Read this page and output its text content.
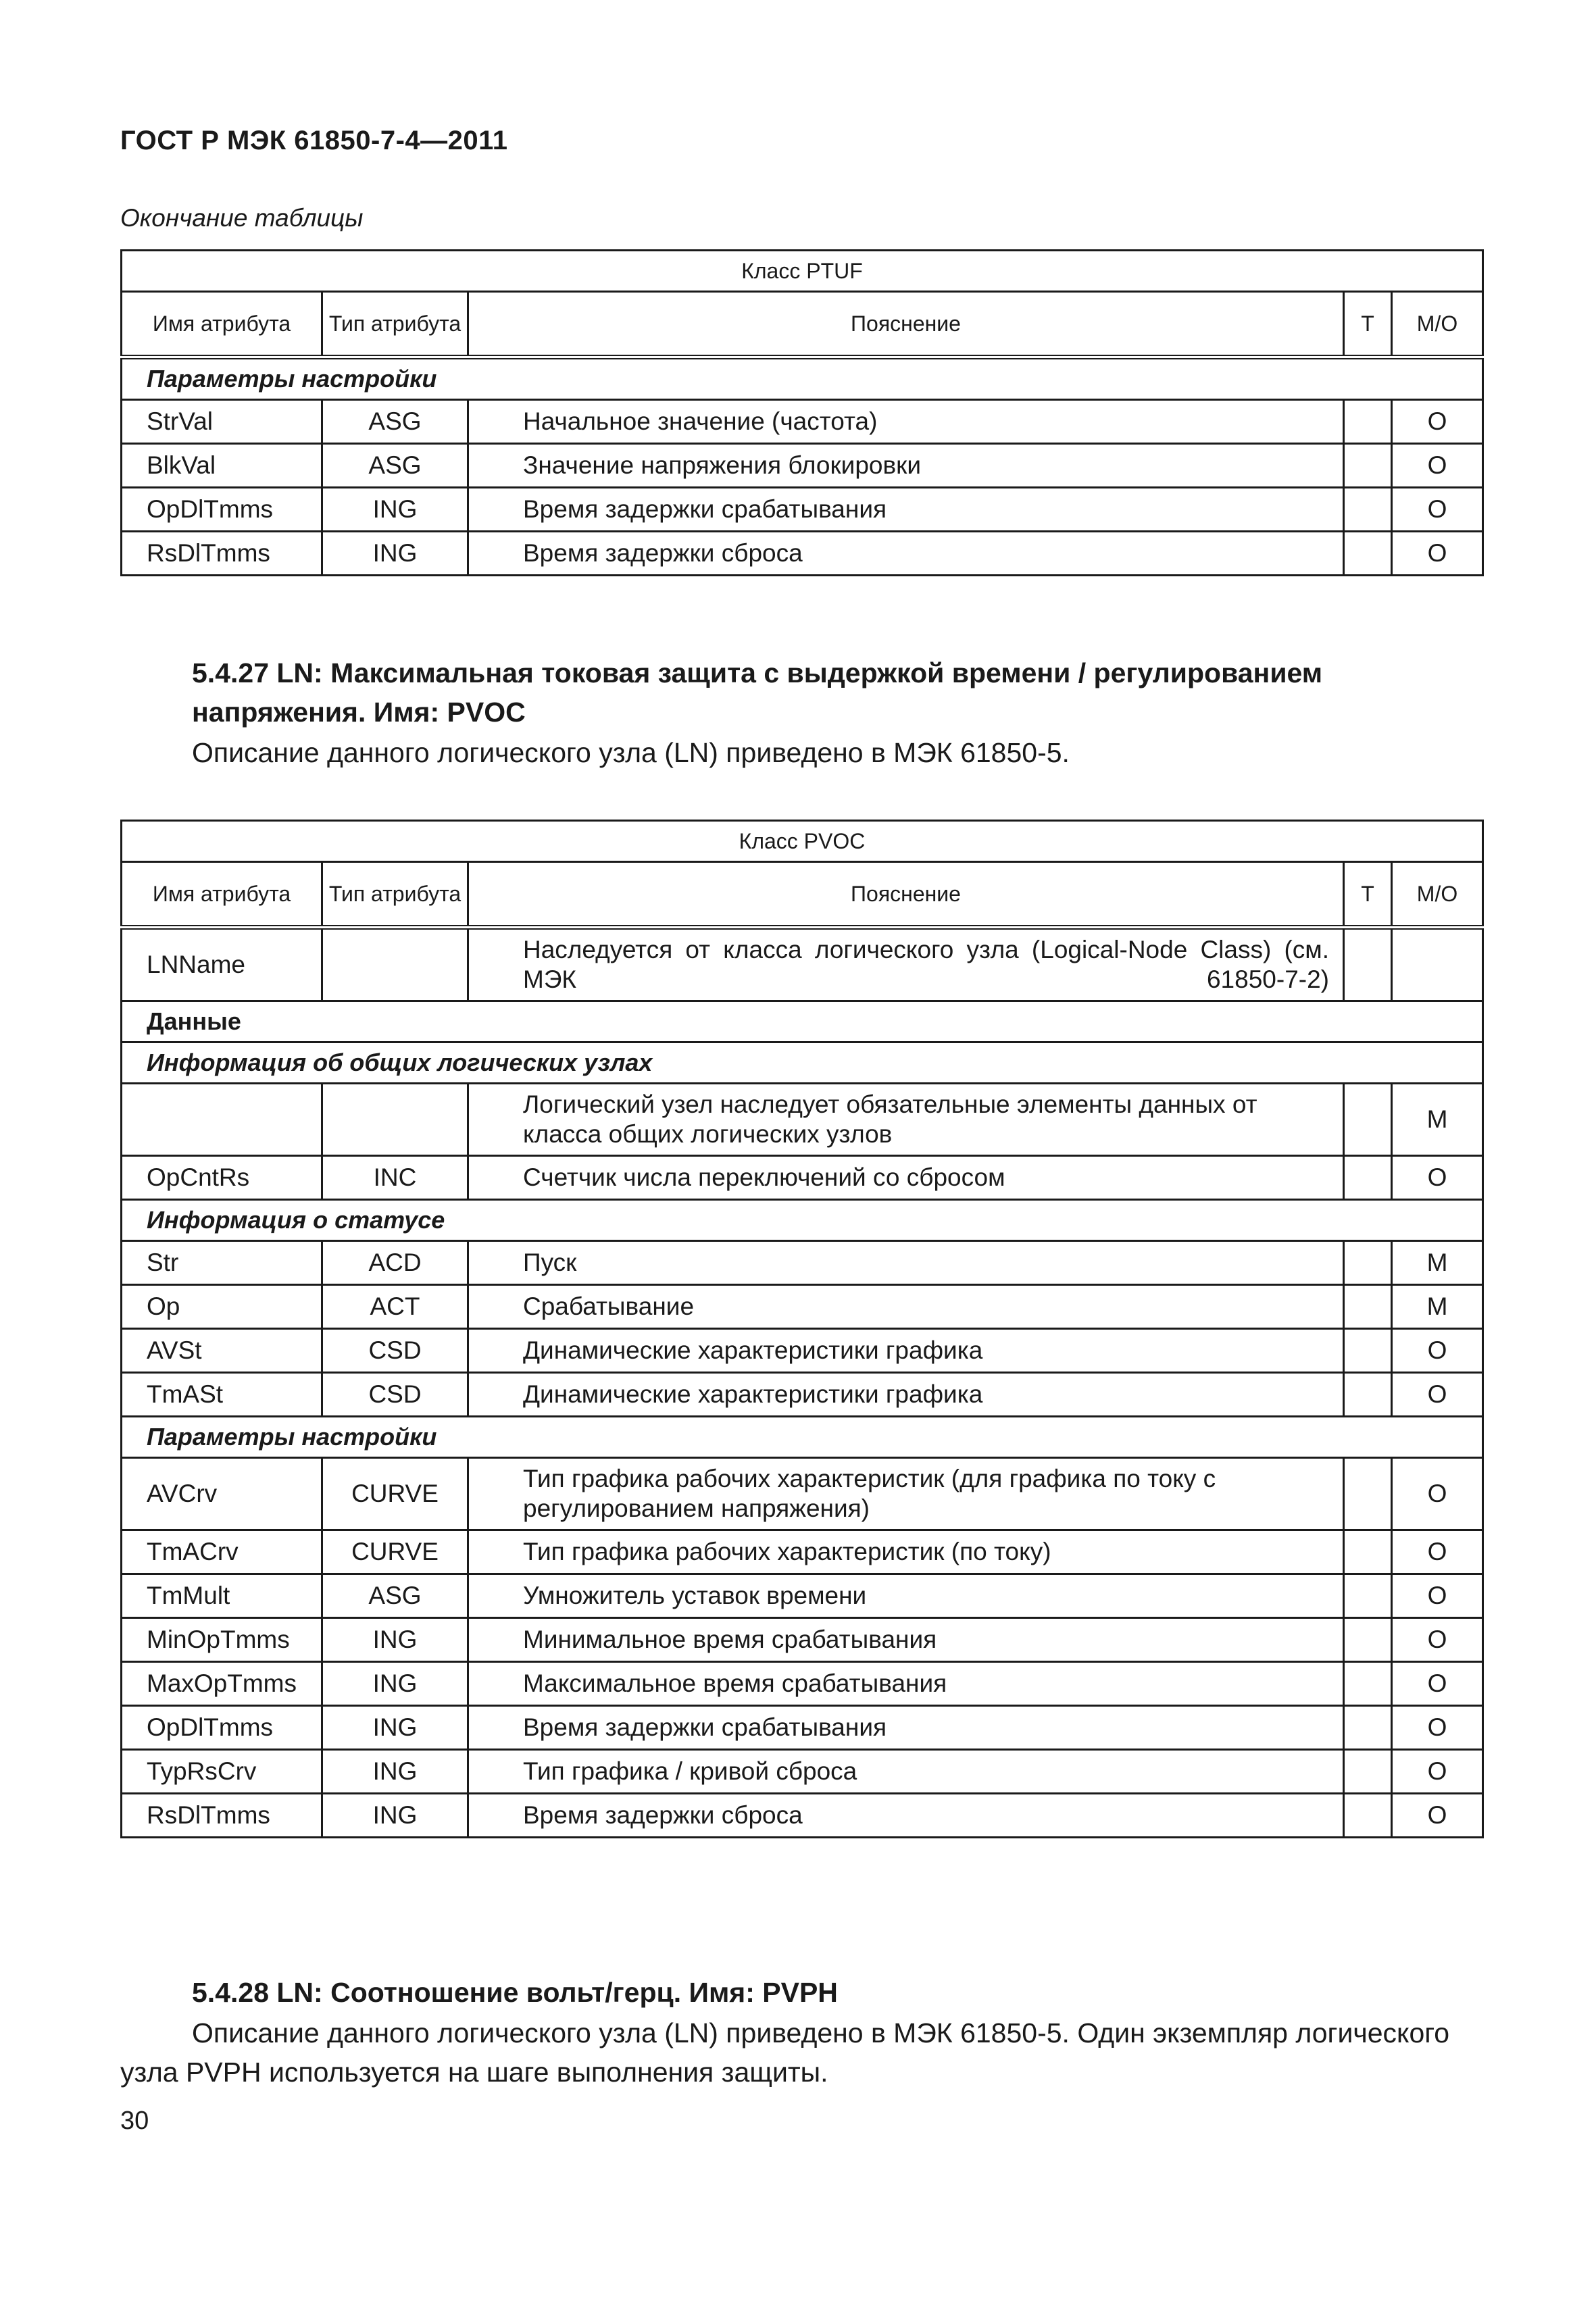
ГОСТ Р МЭК 61850-7-4—2011
Окончание таблицы
Класс PTUF				
Имя атрибута	Тип атрибута	Пояснение	T	М/О
Параметры настройки				
StrVal	ASG	Начальное значение (частота)		O
BlkVal	ASG	Значение напряжения блокировки		O
OpDlTmms	ING	Время задержки срабатывания		O
RsDlTmms	ING	Время задержки сброса		O
5.4.27 LN: Максимальная токовая защита с выдержкой времени / регулированием напряжения. Имя: PVOC
Описание данного логического узла (LN) приведено в МЭК 61850-5.
Класс PVOC				
Имя атрибута	Тип атрибута	Пояснение	T	М/О
LNName		Наследуется от класса логического узла (Logical-Node Class) (см. МЭК 61850-7-2)		
Данные				
Информация об общих логических узлах				
		Логический узел наследует обязательные элементы данных от класса общих логических узлов		M
OpCntRs	INC	Счетчик числа переключений со сбросом		O
Информация о статусе				
Str	ACD	Пуск		M
Op	ACT	Срабатывание		M
AVSt	CSD	Динамические характеристики графика		O
TmASt	CSD	Динамические характеристики графика		O
Параметры настройки				
AVCrv	CURVE	Тип графика рабочих характеристик (для графика по току с регулированием напряжения)		O
TmACrv	CURVE	Тип графика рабочих характеристик (по току)		O
TmMult	ASG	Умножитель уставок времени		O
MinOpTmms	ING	Минимальное время срабатывания		O
MaxOpTmms	ING	Максимальное время срабатывания		O
OpDlTmms	ING	Время задержки срабатывания		O
TypRsCrv	ING	Тип графика / кривой сброса		O
RsDlTmms	ING	Время задержки сброса		O
5.4.28 LN: Соотношение вольт/герц. Имя: PVPH
Описание данного логического узла (LN) приведено в МЭК 61850-5. Один экземпляр логического узла PVPH используется на шаге выполнения защиты.
30
